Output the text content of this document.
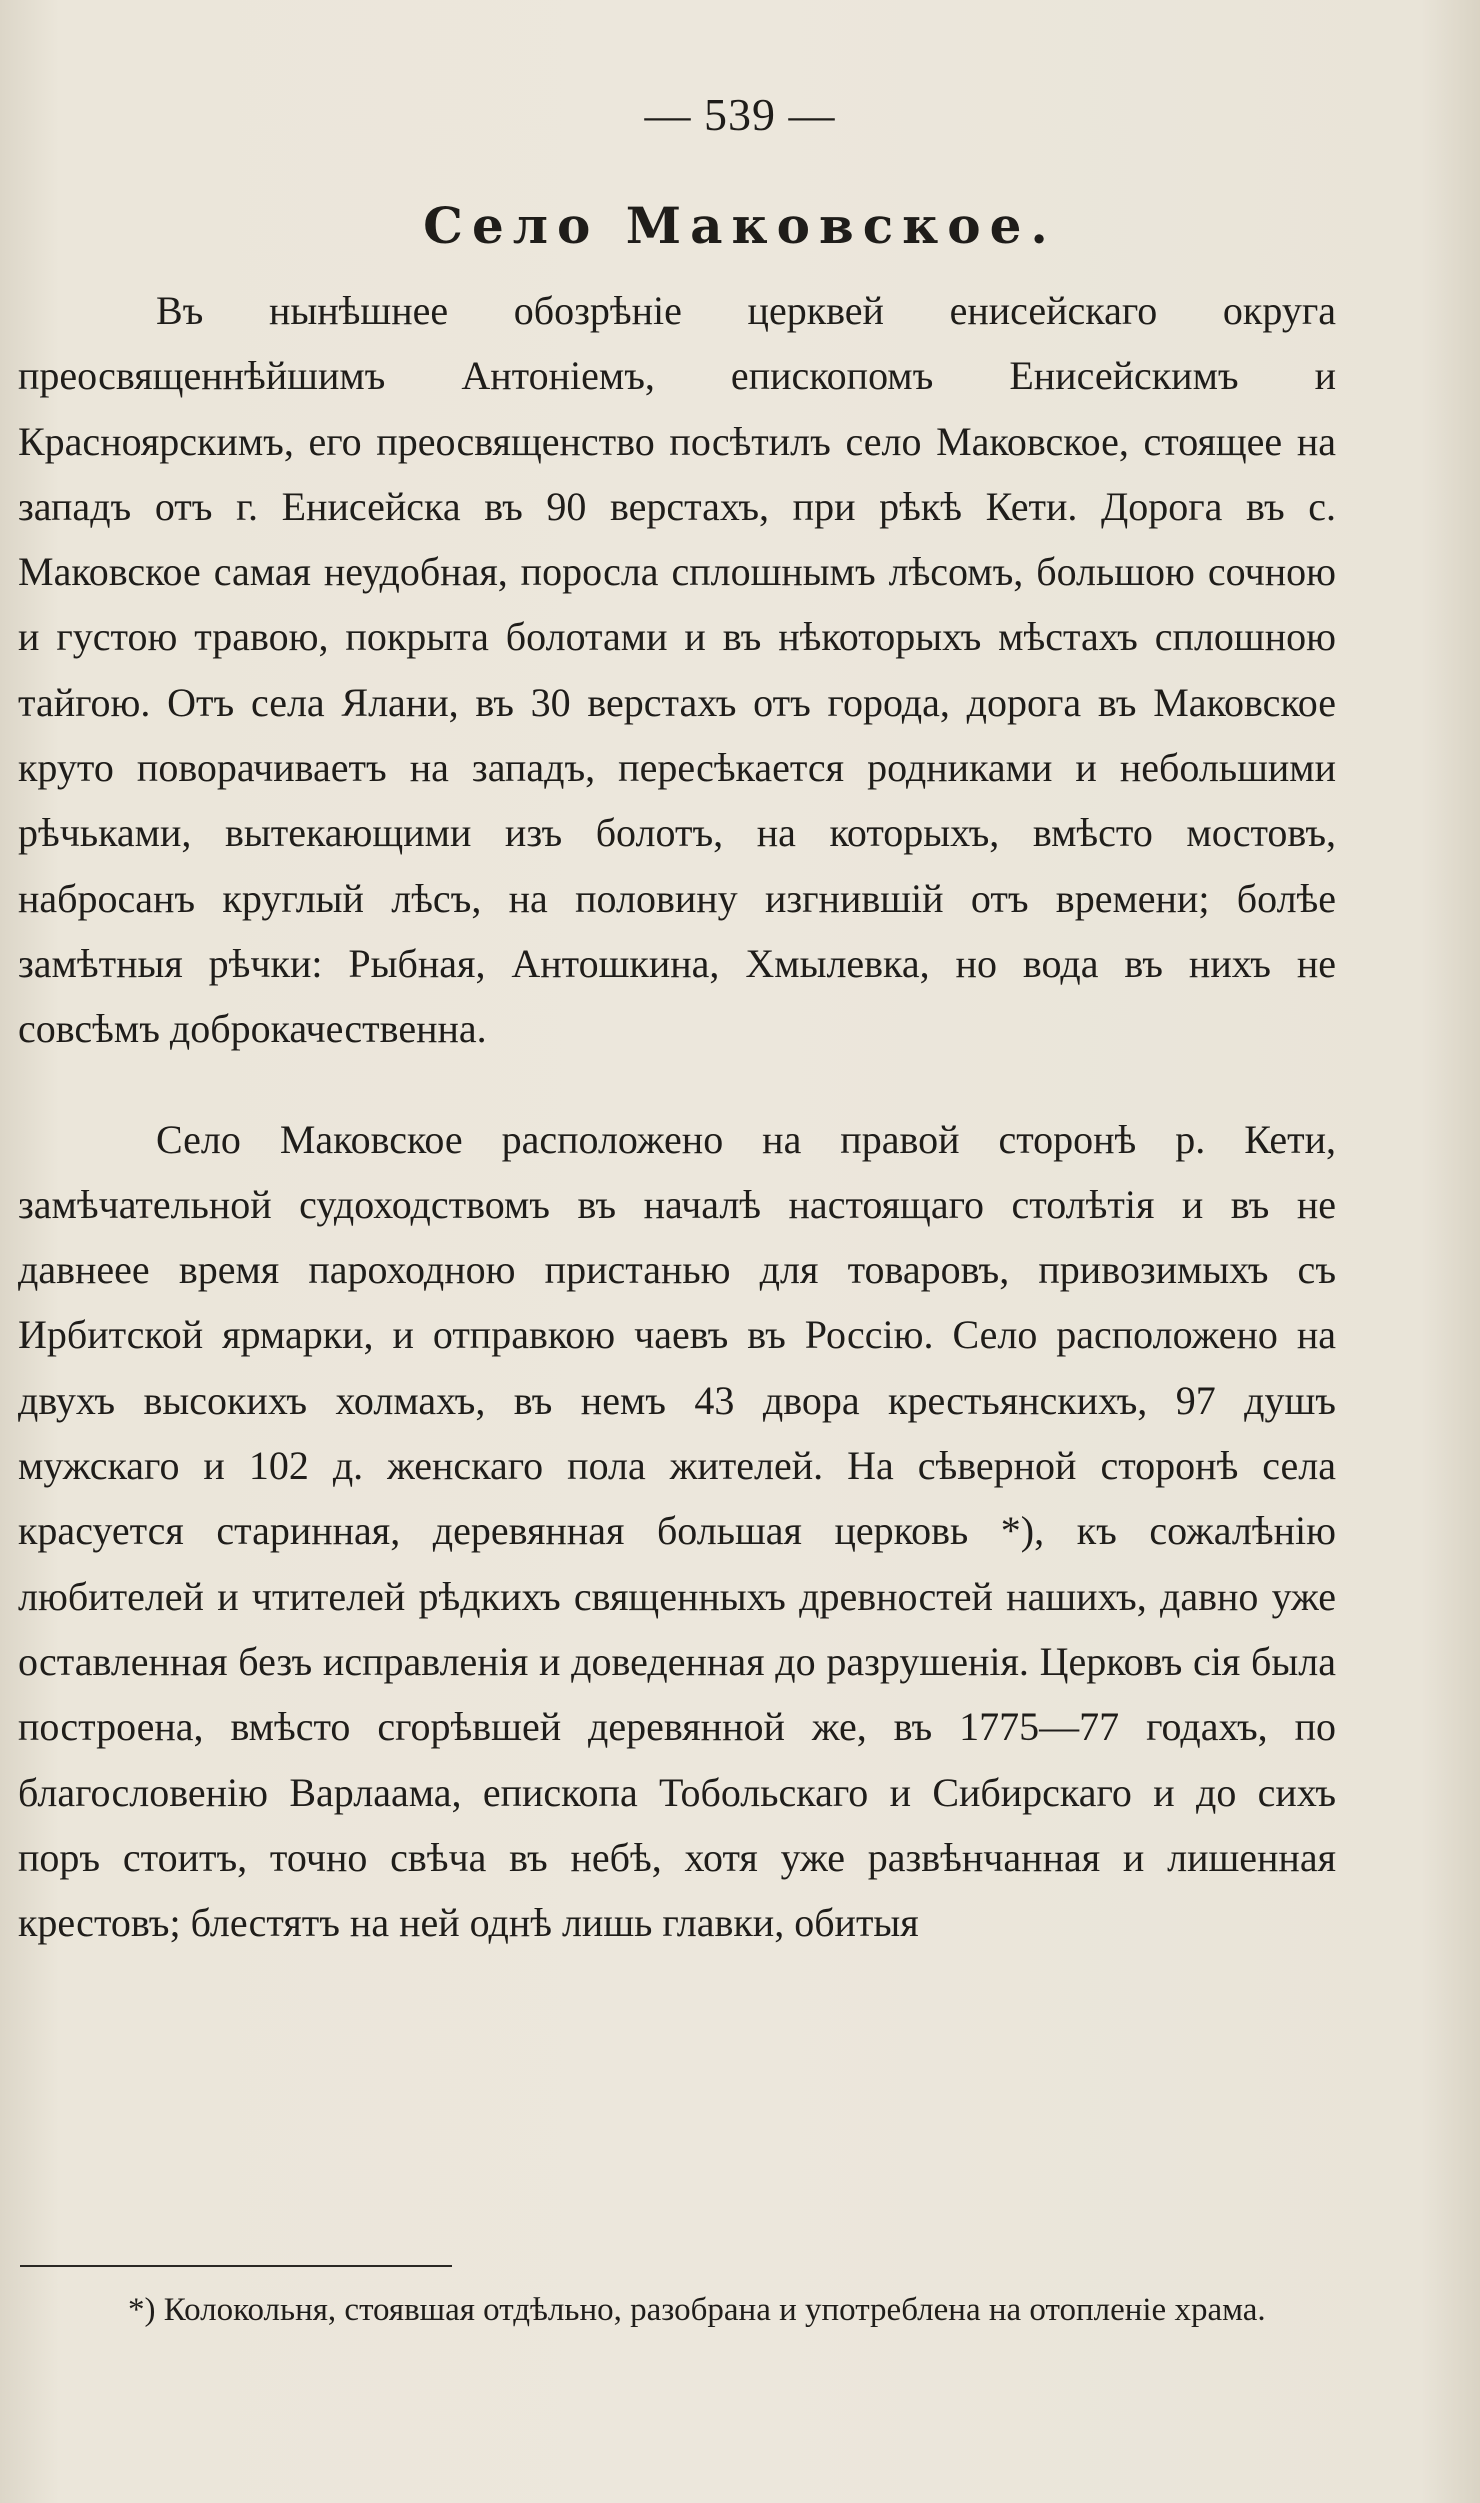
— 539 —
Село Маковское.

Въ нынѣшнее обозрѣніе церквей енисейскаго округа преосвященнѣйшимъ Антоніемъ, епископомъ Енисейскимъ и Красноярскимъ, его преосвященство посѣтилъ село Маковское, стоящее на западъ отъ г. Енисейска въ 90 верстахъ, при рѣкѣ Кети. Дорога въ с. Маковское самая неудобная, поросла сплошнымъ лѣсомъ, большою сочною и густою травою, покрыта болотами и въ нѣкоторыхъ мѣстахъ сплошною тайгою. Отъ села Ялани, въ 30 верстахъ отъ города, дорога въ Маковское круто поворачиваетъ на западъ, пересѣкается родниками и небольшими рѣчьками, вытекающими изъ болотъ, на которыхъ, вмѣсто мостовъ, наброcанъ круглый лѣсъ, на половину изгнившій отъ времени; болѣе замѣтныя рѣчки: Рыбная, Антошкина, Хмылевка, но вода въ нихъ не совсѣмъ доброкачественна.

Село Маковское расположено на правой сторонѣ р. Кети, замѣчательной судоходствомъ въ началѣ настоящаго столѣтія и въ не давнеее время пароходною пристанью для товаровъ, привозимыхъ съ Ирбитской ярмарки, и отправкою чаевъ въ Россію. Село расположено на двухъ высокихъ холмахъ, въ немъ 43 двора крестьянскихъ, 97 душъ мужскаго и 102 д. женскаго пола жителей. На сѣверной сторонѣ села красуется старинная, деревянная большая церковь *), къ сожалѣнію любителей и чтителей рѣдкихъ священныхъ древностей нашихъ, давно уже оставленная безъ исправленія и доведенная до разрушенія. Церковъ сія была построена, вмѣсто сгорѣвшей деревянной же, въ 1775—77 годахъ, по благословенію Варлаама, епископа Тобольскаго и Сибирскаго и до сихъ поръ стоитъ, точно свѣча въ небѣ, хотя уже развѣнчанная и лишенная крестовъ; блестятъ на ней однѣ лишь главки, обитыя

*) Колокольня, стоявшая отдѣльно, разобрана и употреблена на отопленіе храма.
